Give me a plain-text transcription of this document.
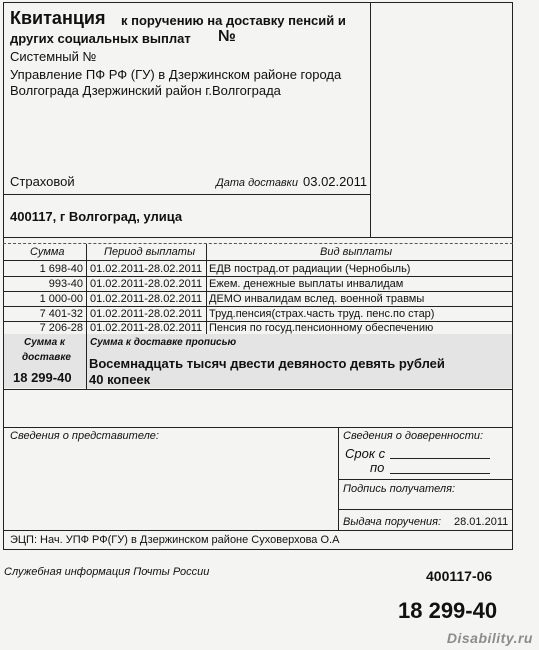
Квитанция к поручению на доставку пенсий и
других социальных выплат №
Системный №
Управление ПФ РФ (ГУ) в Дзержинском районе города
Волгограда Дзержинский район г.Волгограда
Страховой	Дата доставки 03.02.2011
400117, г Волгоград, улица
Сумма	Период выплаты	Вид выплаты
1 698-40 01.02.2011-28.02.2011 ЕДВ пострад.от радиации (Чернобыль)
993-40 01.02.2011-28.02.2011 Ежем. денежные выплаты инвалидам
1 000-00 01.02.2011-28.02.2011 ДЕМО инвалидам вслед. военной травмы
7 401-32 01.02.2011-28.02.2011 Труд.пенсия(страх.часть труд. пенс.по стар)
7 206-28 01.02.2011-28.02.2011 Пенсия по госуд.пенсионному обеспечению
Сумма к
доставке
18 299-40
Сумма к доставке прописью
Восемнадцать тысяч двести девяносто девять рублей
40 копеек
Сведения о представителе:	Сведения о доверенности:
Срок с
по
Подпись получателя:
Выдача поручения: 28.01.2011
ЭЦП: Нач. УПФ РФ(ГУ) в Дзержинском районе Суховерхова О.А
Служебная информация Почты России	400117-06
18 299-40
Disability.ru
